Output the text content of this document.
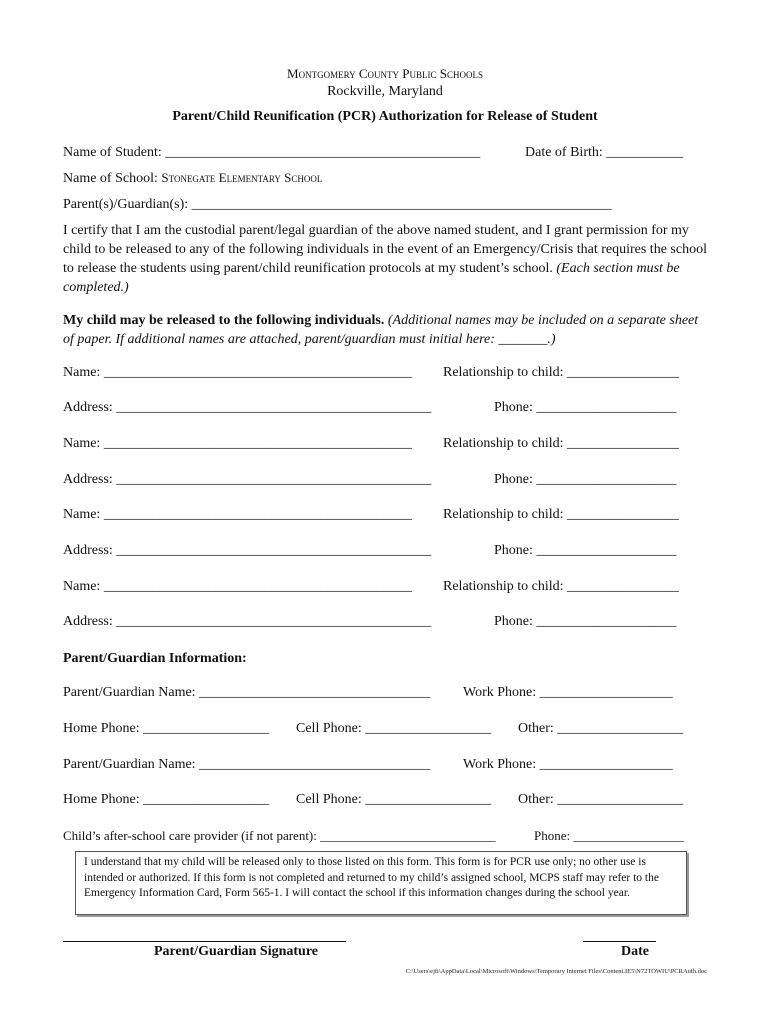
Montgomery County Public Schools
Rockville, Maryland
Parent/Child Reunification (PCR) Authorization for Release of Student
Name of Student: _____________________________________________	Date of Birth: ___________
Name of School: Stonegate Elementary School
Parent(s)/Guardian(s): ____________________________________________________________
I certify that I am the custodial parent/legal guardian of the above named student, and I grant permission for my child to be released to any of the following individuals in the event of an Emergency/Crisis that requires the school to release the students using parent/child reunification protocols at my student’s school. (Each section must be completed.)
My child may be released to the following individuals. (Additional names may be included on a separate sheet of paper. If additional names are attached, parent/guardian must initial here: _______.)
Name: ____________________________________________ Relationship to child: ________________
Address: _____________________________________________	Phone: ____________________
Name: ____________________________________________ Relationship to child: ________________
Address: _____________________________________________	Phone: ____________________
Name: ____________________________________________ Relationship to child: ________________
Address: _____________________________________________	Phone: ____________________
Name: ____________________________________________ Relationship to child: ________________
Address: _____________________________________________	Phone: ____________________
Parent/Guardian Information:
Parent/Guardian Name: _________________________________ Work Phone: ___________________
Home Phone: __________________ Cell Phone: __________________ Other: __________________
Parent/Guardian Name: _________________________________ Work Phone: ___________________
Home Phone: __________________ Cell Phone: __________________ Other: __________________
Child’s after-school care provider (if not parent): ___________________________	Phone: _________________
I understand that my child will be released only to those listed on this form. This form is for PCR use only; no other use is intended or authorized. If this form is not completed and returned to my child’s assigned school, MCPS staff may refer to the Emergency Information Card, Form 565-1. I will contact the school if this information changes during the school year.
Parent/Guardian Signature	Date
C:\Users\ejfi\AppData\Local\Microsoft\Windows\Temporary Internet Files\Content.IE5\N72TOWIU\PCRAuth.doc
